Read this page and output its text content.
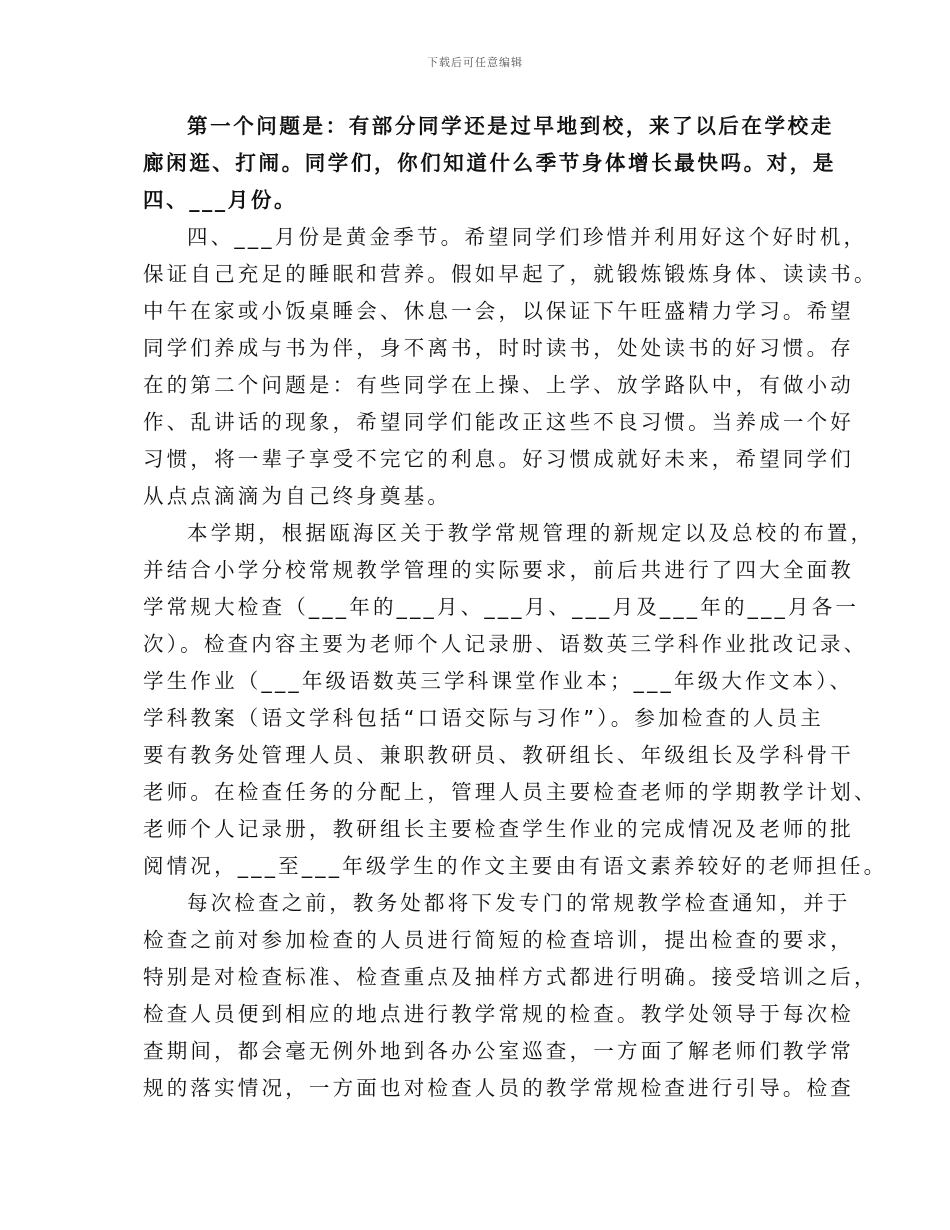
下载后可任意编辑
第一个问题是：有部分同学还是过早地到校，来了以后在学校走
廊闲逛、打闹。同学们，你们知道什么季节身体增长最快吗。对，是
四、___月份。
四、___月份是黄金季节。希望同学们珍惜并利用好这个好时机，
保证自己充足的睡眠和营养。假如早起了，就锻炼锻炼身体、读读书。
中午在家或小饭桌睡会、休息一会，以保证下午旺盛精力学习。希望
同学们养成与书为伴，身不离书，时时读书，处处读书的好习惯。存
在的第二个问题是：有些同学在上操、上学、放学路队中，有做小动
作、乱讲话的现象，希望同学们能改正这些不良习惯。当养成一个好
习惯，将一辈子享受不完它的利息。好习惯成就好未来，希望同学们
从点点滴滴为自己终身奠基。
本学期，根据瓯海区关于教学常规管理的新规定以及总校的布置，
并结合小学分校常规教学管理的实际要求，前后共进行了四大全面教
学常规大检查（___年的___月、___月、___月及___年的___月各一
次）。检查内容主要为老师个人记录册、语数英三学科作业批改记录、
学生作业（___年级语数英三学科课堂作业本；___年级大作文本）、
学科教案（语文学科包括“口语交际与习作”）。参加检查的人员主
要有教务处管理人员、兼职教研员、教研组长、年级组长及学科骨干
老师。在检查任务的分配上，管理人员主要检查老师的学期教学计划、
老师个人记录册，教研组长主要检查学生作业的完成情况及老师的批
阅情况，___至___年级学生的作文主要由有语文素养较好的老师担任。
每次检查之前，教务处都将下发专门的常规教学检查通知，并于
检查之前对参加检查的人员进行简短的检查培训，提出检查的要求，
特别是对检查标准、检查重点及抽样方式都进行明确。接受培训之后，
检查人员便到相应的地点进行教学常规的检查。教学处领导于每次检
查期间，都会毫无例外地到各办公室巡查，一方面了解老师们教学常
规的落实情况，一方面也对检查人员的教学常规检查进行引导。检查
